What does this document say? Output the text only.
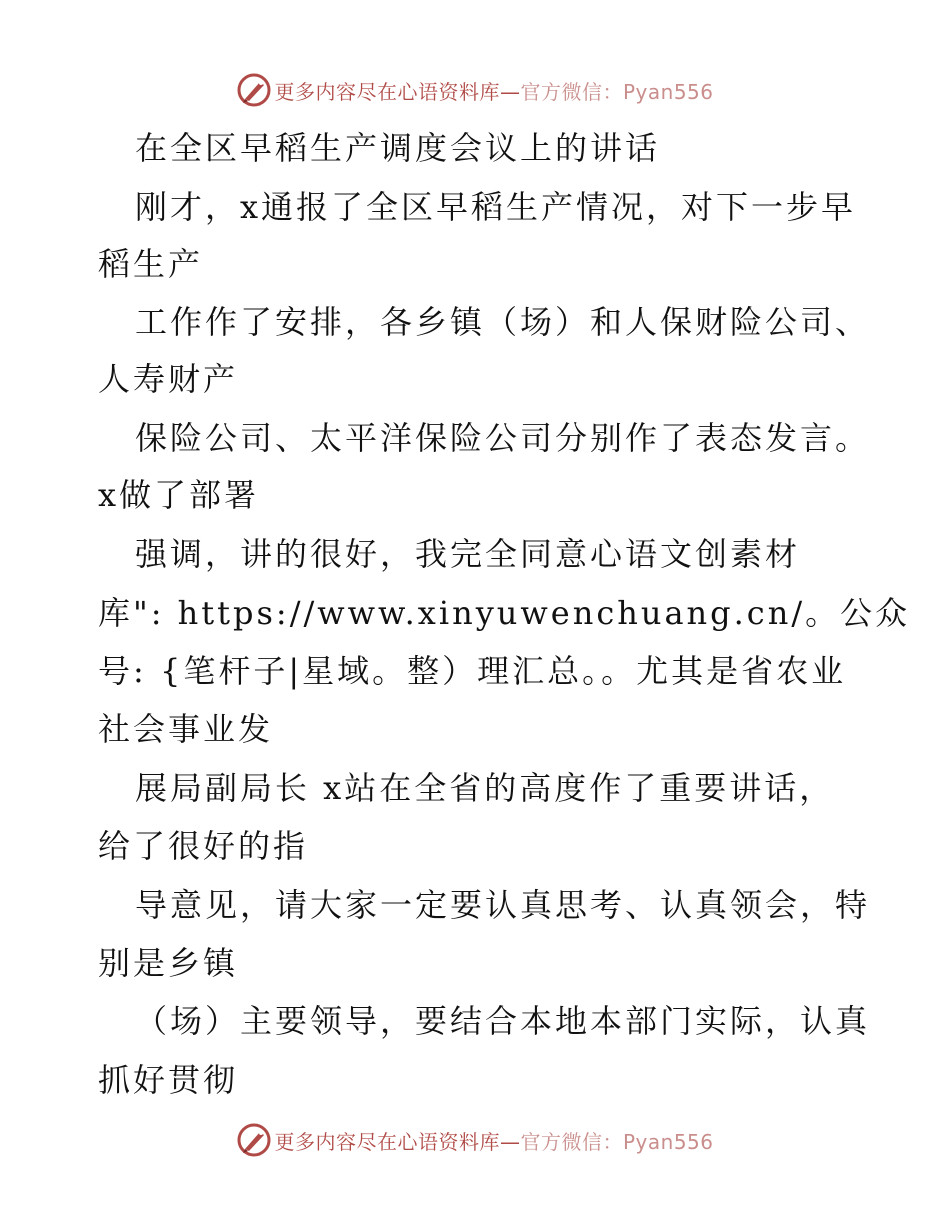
更多内容尽在心语资料库—官方微信：Pyan556
在全区早稻生产调度会议上的讲话
刚才，x通报了全区早稻生产情况，对下一步早
稻生产
工作作了安排，各乡镇（场）和人保财险公司、
人寿财产
保险公司、太平洋保险公司分别作了表态发言。
x做了部署
强调，讲的很好，我完全同意心语文创素材
库": https://www.xinyuwenchuang.cn/。公众
号: {笔杆子|星域。整）理汇总。。尤其是省农业
社会事业发
展局副局长 x站在全省的高度作了重要讲话，
给了很好的指
导意见，请大家一定要认真思考、认真领会，特
别是乡镇
（场）主要领导，要结合本地本部门实际，认真
抓好贯彻
更多内容尽在心语资料库—官方微信：Pyan556
